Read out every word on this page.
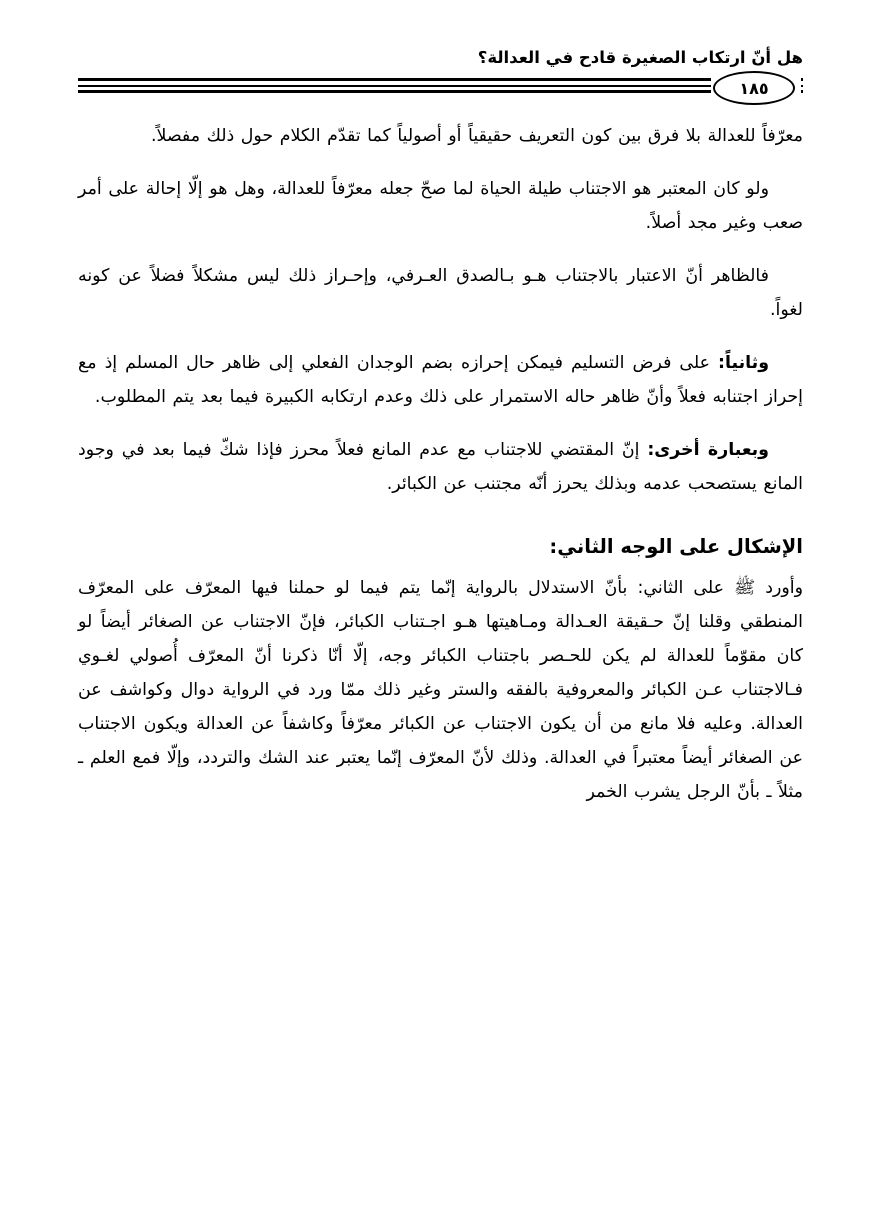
هل أنّ ارتكاب الصغيرة قادح في العدالة؟
١٨٥

معرّفاً للعدالة بلا فرق بين كون التعريف حقيقياً أو أصولياً كما تقدّم الكلام حول ذلك مفصلاً.

ولو كان المعتبر هو الاجتناب طيلة الحياة لما صحّ جعله معرّفاً للعدالة، وهل هو إلّا إحالة على أمر صعب وغير مجد أصلاً.

فالظاهر أنّ الاعتبار بالاجتناب هـو بـالصدق العـرفي، وإحـراز ذلك ليس مشكلاً فضلاً عن كونه لغواً.

وثانياً: على فرض التسليم فيمكن إحرازه بضم الوجدان الفعلي إلى ظاهر حال المسلم إذ مع إحراز اجتنابه فعلاً وأنّ ظاهر حاله الاستمرار على ذلك وعدم ارتكابه الكبيرة فيما بعد يتم المطلوب.

وبعبارة أخرى: إنّ المقتضي للاجتناب مع عدم المانع فعلاً محرز فإذا شكّ فيما بعد في وجود المانع يستصحب عدمه وبذلك يحرز أنّه مجتنب عن الكبائر.

الإشكال على الوجه الثاني:

وأورد ﷺ على الثاني: بأنّ الاستدلال بالرواية إنّما يتم فيما لو حملنا فيها المعرّف على المعرّف المنطقي وقلنا إنّ حـقيقة العـدالة ومـاهيتها هـو اجـتناب الكبائر، فإنّ الاجتناب عن الصغائر أيضاً لو كان مقوّماً للعدالة لم يكن للحـصر باجتناب الكبائر وجه، إلّا أنّا ذكرنا أنّ المعرّف أُصولي لغـوي فـالاجتناب عـن الكبائر والمعروفية بالفقه والستر وغير ذلك ممّا ورد في الرواية دوال وكواشف عن العدالة. وعليه فلا مانع من أن يكون الاجتناب عن الكبائر معرّفاً وكاشفاً عن العدالة ويكون الاجتناب عن الصغائر أيضاً معتبراً في العدالة. وذلك لأنّ المعرّف إنّما يعتبر عند الشك والتردد، وإلّا فمع العلم ـ مثلاً ـ بأنّ الرجل يشرب الخمر
